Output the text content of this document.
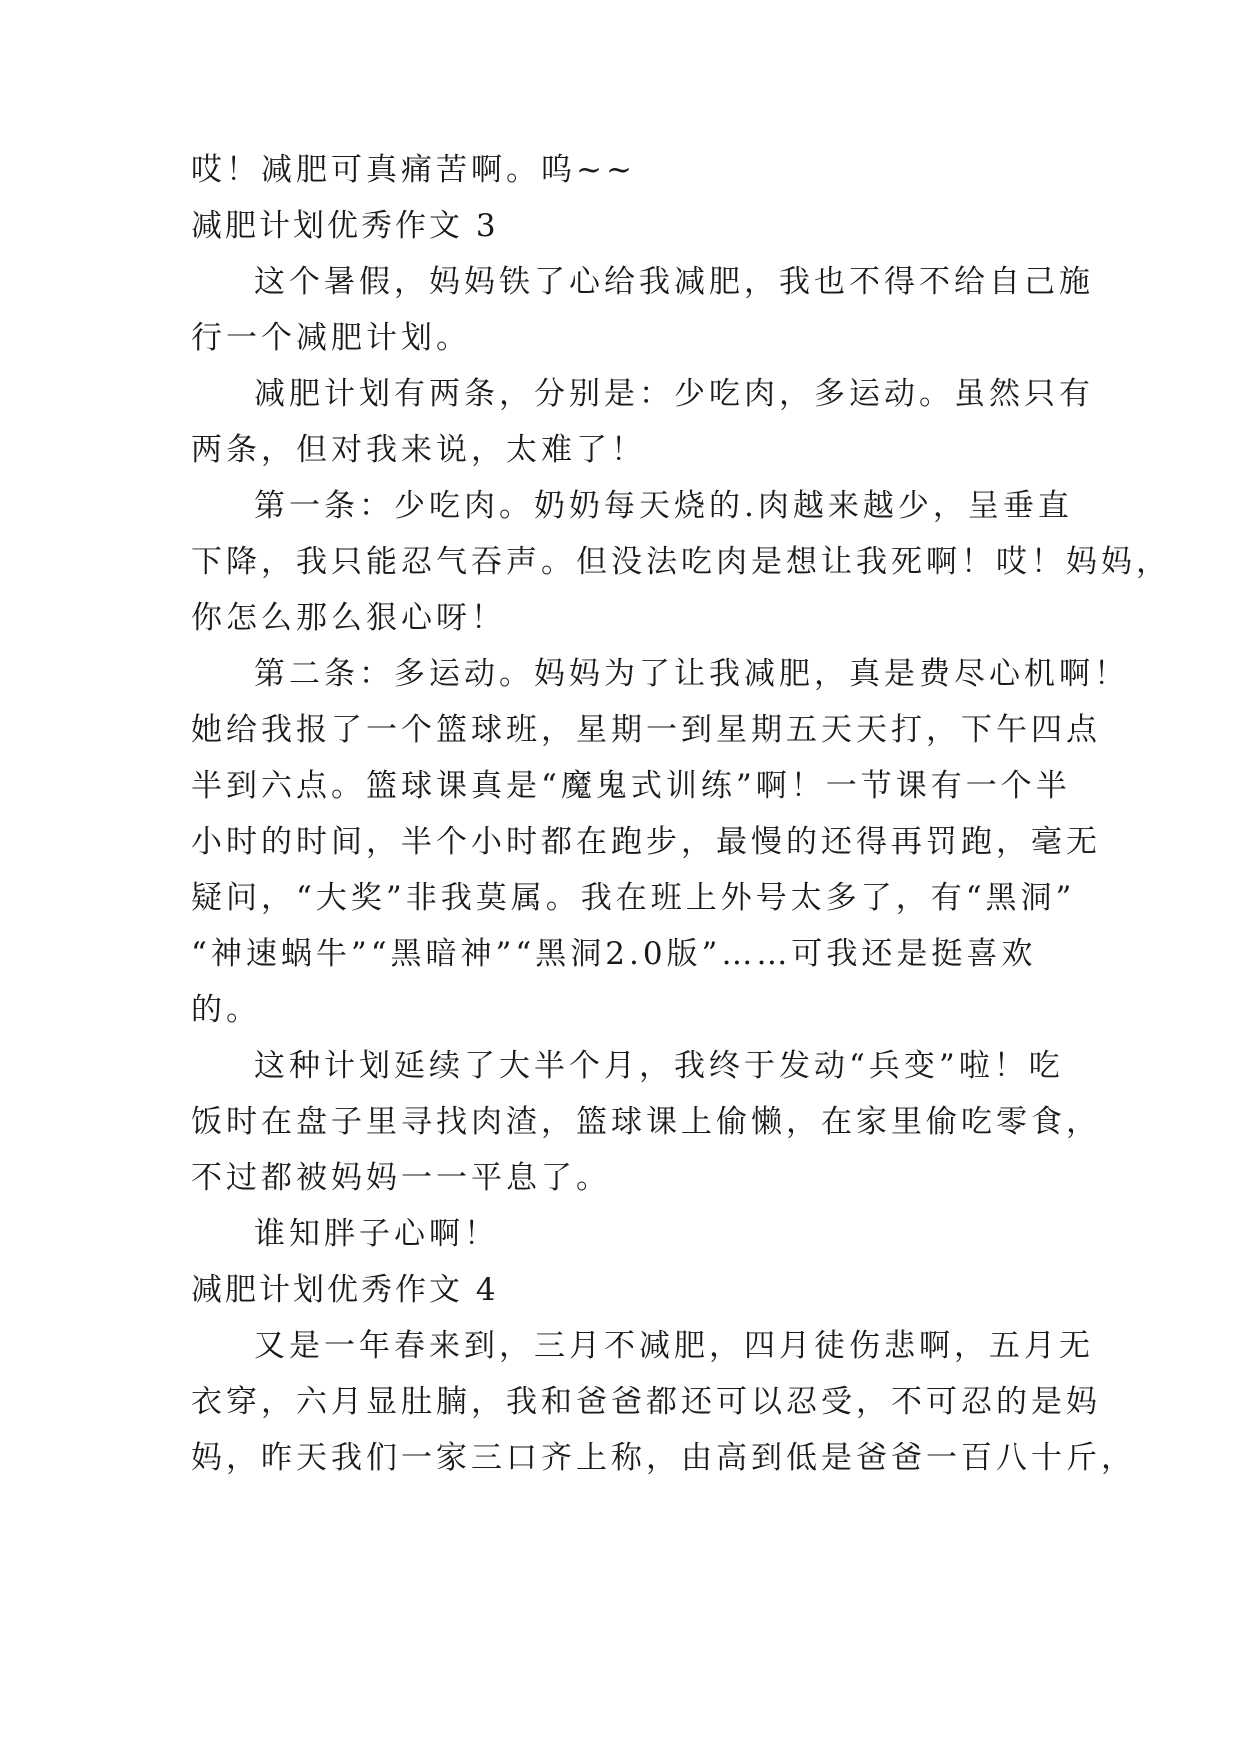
哎！减肥可真痛苦啊。呜~~
减肥计划优秀作文 3
这个暑假，妈妈铁了心给我减肥，我也不得不给自己施
行一个减肥计划。
减肥计划有两条，分别是：少吃肉，多运动。虽然只有
两条，但对我来说，太难了！
第一条：少吃肉。奶奶每天烧的.肉越来越少，呈垂直
下降，我只能忍气吞声。但没法吃肉是想让我死啊！哎！妈妈，
你怎么那么狠心呀！
第二条：多运动。妈妈为了让我减肥，真是费尽心机啊！
她给我报了一个篮球班，星期一到星期五天天打，下午四点
半到六点。篮球课真是“魔鬼式训练”啊！一节课有一个半
小时的时间，半个小时都在跑步，最慢的还得再罚跑，毫无
疑问，“大奖”非我莫属。我在班上外号太多了，有“黑洞”
“神速蜗牛”“黑暗神”“黑洞2.0版”……可我还是挺喜欢
的。
这种计划延续了大半个月，我终于发动“兵变”啦！吃
饭时在盘子里寻找肉渣，篮球课上偷懒，在家里偷吃零食，
不过都被妈妈一一平息了。
谁知胖子心啊！
减肥计划优秀作文 4
又是一年春来到，三月不减肥，四月徒伤悲啊，五月无
衣穿，六月显肚腩，我和爸爸都还可以忍受，不可忍的是妈
妈，昨天我们一家三口齐上称，由高到低是爸爸一百八十斤，
